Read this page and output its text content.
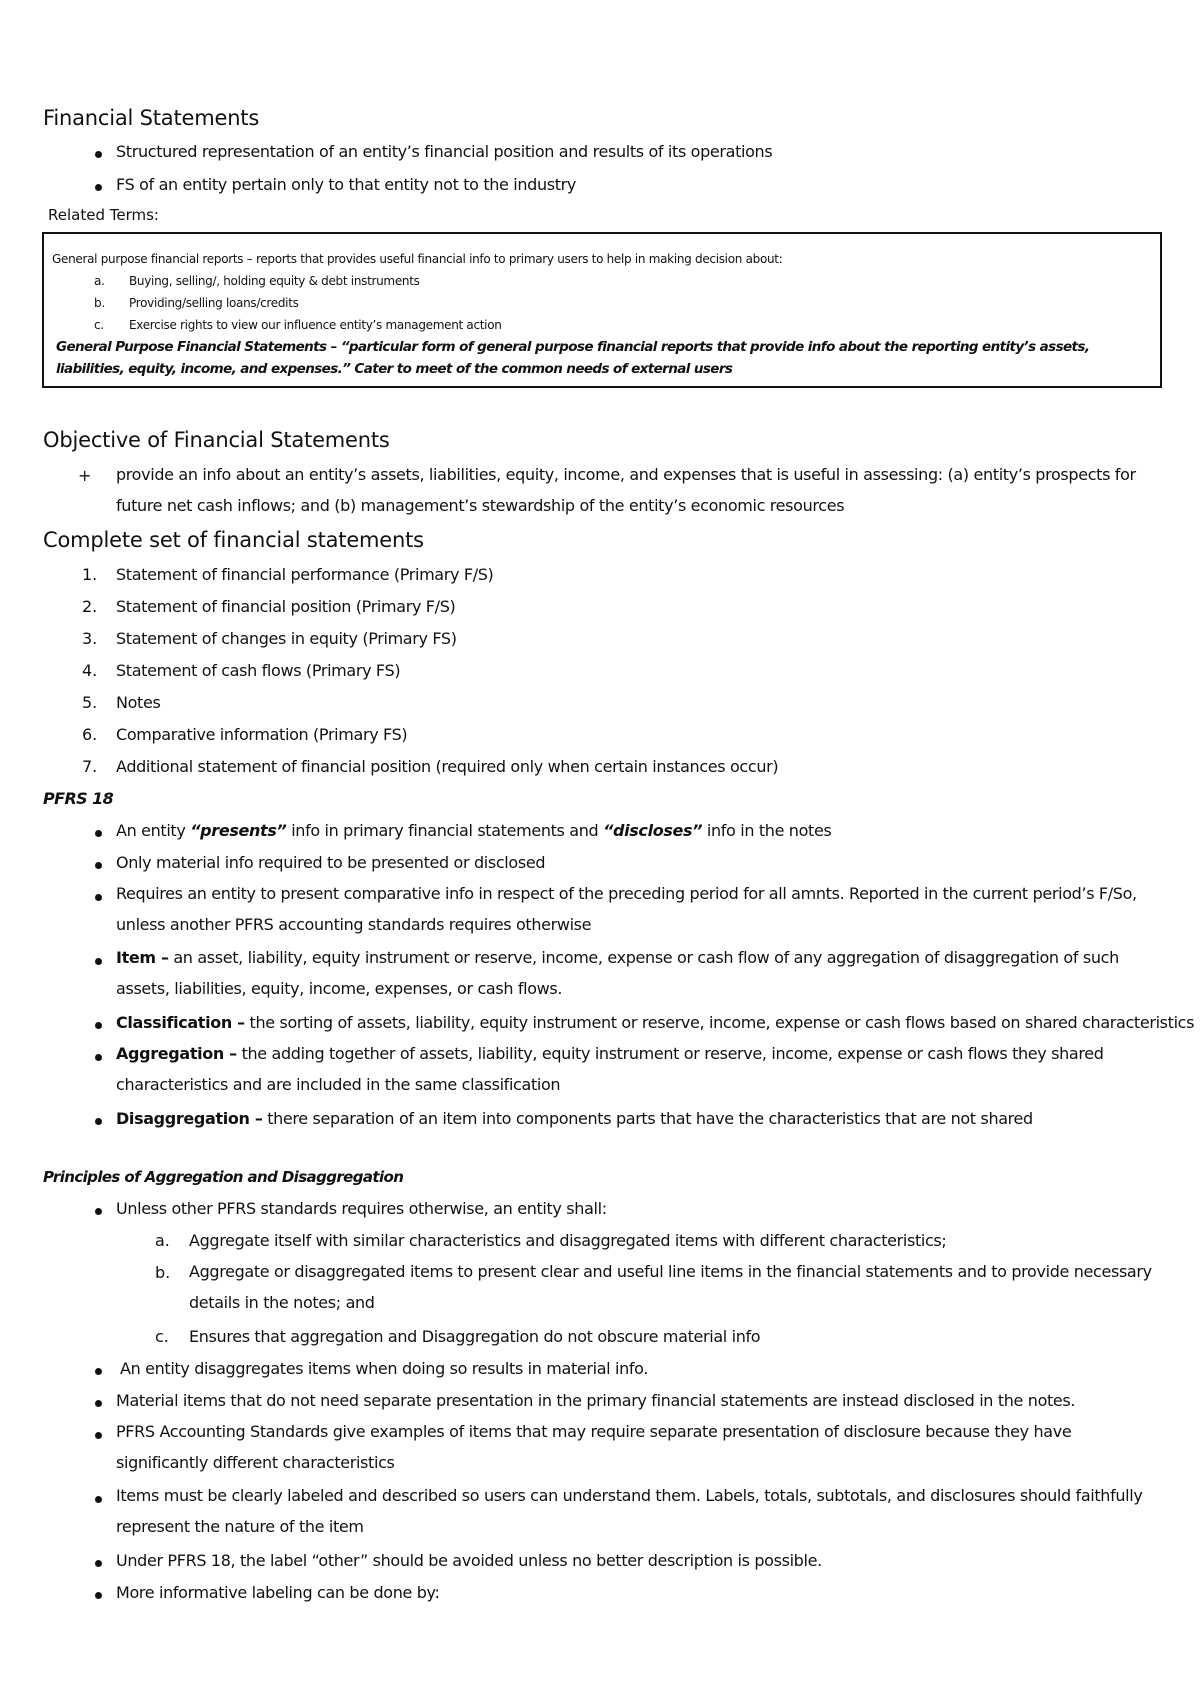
Financial Statements
Structured representation of an entity’s financial position and results of its operations
FS of an entity pertain only to that entity not to the industry
Related Terms:
General purpose financial reports – reports that provides useful financial info to primary users to help in making decision about:
a. Buying, selling/, holding equity & debt instruments
b. Providing/selling loans/credits
c. Exercise rights to view our influence entity’s management action
General Purpose Financial Statements – “particular form of general purpose financial reports that provide info about the reporting entity’s assets, liabilities, equity, income, and expenses.” Cater to meet of the common needs of external users
Objective of Financial Statements
+ provide an info about an entity’s assets, liabilities, equity, income, and expenses that is useful in assessing: (a) entity’s prospects for future net cash inflows; and (b) management’s stewardship of the entity’s economic resources
Complete set of financial statements
1. Statement of financial performance (Primary F/S)
2. Statement of financial position (Primary F/S)
3. Statement of changes in equity (Primary FS)
4. Statement of cash flows (Primary FS)
5. Notes
6. Comparative information (Primary FS)
7. Additional statement of financial position (required only when certain instances occur)
PFRS 18
An entity “presents” info in primary financial statements and “discloses” info in the notes
Only material info required to be presented or disclosed
Requires an entity to present comparative info in respect of the preceding period for all amnts. Reported in the current period’s F/So, unless another PFRS accounting standards requires otherwise
Item – an asset, liability, equity instrument or reserve, income, expense or cash flow of any aggregation of disaggregation of such assets, liabilities, equity, income, expenses, or cash flows.
Classification – the sorting of assets, liability, equity instrument or reserve, income, expense or cash flows based on shared characteristics
Aggregation – the adding together of assets, liability, equity instrument or reserve, income, expense or cash flows they shared characteristics and are included in the same classification
Disaggregation – there separation of an item into components parts that have the characteristics that are not shared
Principles of Aggregation and Disaggregation
Unless other PFRS standards requires otherwise, an entity shall:
a. Aggregate itself with similar characteristics and disaggregated items with different characteristics;
b. Aggregate or disaggregated items to present clear and useful line items in the financial statements and to provide necessary details in the notes; and
c. Ensures that aggregation and Disaggregation do not obscure material info
An entity disaggregates items when doing so results in material info.
Material items that do not need separate presentation in the primary financial statements are instead disclosed in the notes.
PFRS Accounting Standards give examples of items that may require separate presentation of disclosure because they have significantly different characteristics
Items must be clearly labeled and described so users can understand them. Labels, totals, subtotals, and disclosures should faithfully represent the nature of the item
Under PFRS 18, the label “other” should be avoided unless no better description is possible.
More informative labeling can be done by:
